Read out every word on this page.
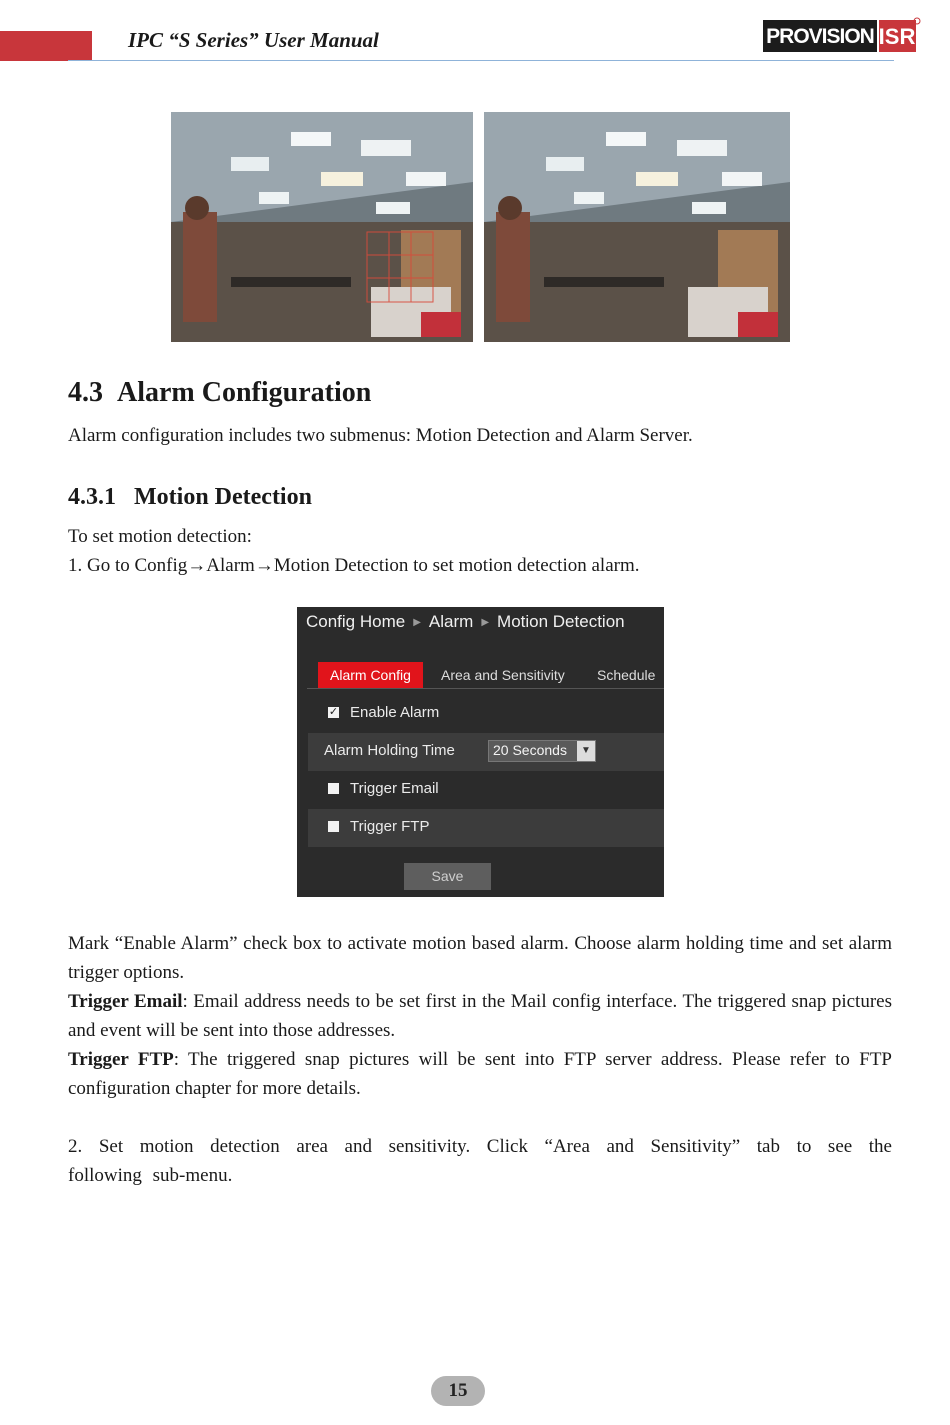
IPC “S Series” User Manual	PROVISION ISR
4.3 Alarm Configuration
Alarm configuration includes two submenus: Motion Detection and Alarm Server.
4.3.1 Motion Detection
To set motion detection:
1. Go to Config→Alarm→Motion Detection to set motion detection alarm.
Config Home ▶ Alarm ▶ Motion Detection
Alarm Config	Area and Sensitivity Schedule
✓ Enable Alarm
Alarm Holding Time	20 Seconds	▼
Trigger Email
Trigger FTP
Save
Mark “Enable Alarm” check box to activate motion based alarm. Choose alarm holding time and set alarm trigger options.
Trigger Email: Email address needs to be set first in the Mail config interface. The triggered snap pictures and event will be sent into those addresses.
Trigger FTP: The triggered snap pictures will be sent into FTP server address. Please refer to FTP configuration chapter for more details.
2. Set motion detection area and sensitivity. Click “Area and Sensitivity” tab to see the following sub-menu.
15
